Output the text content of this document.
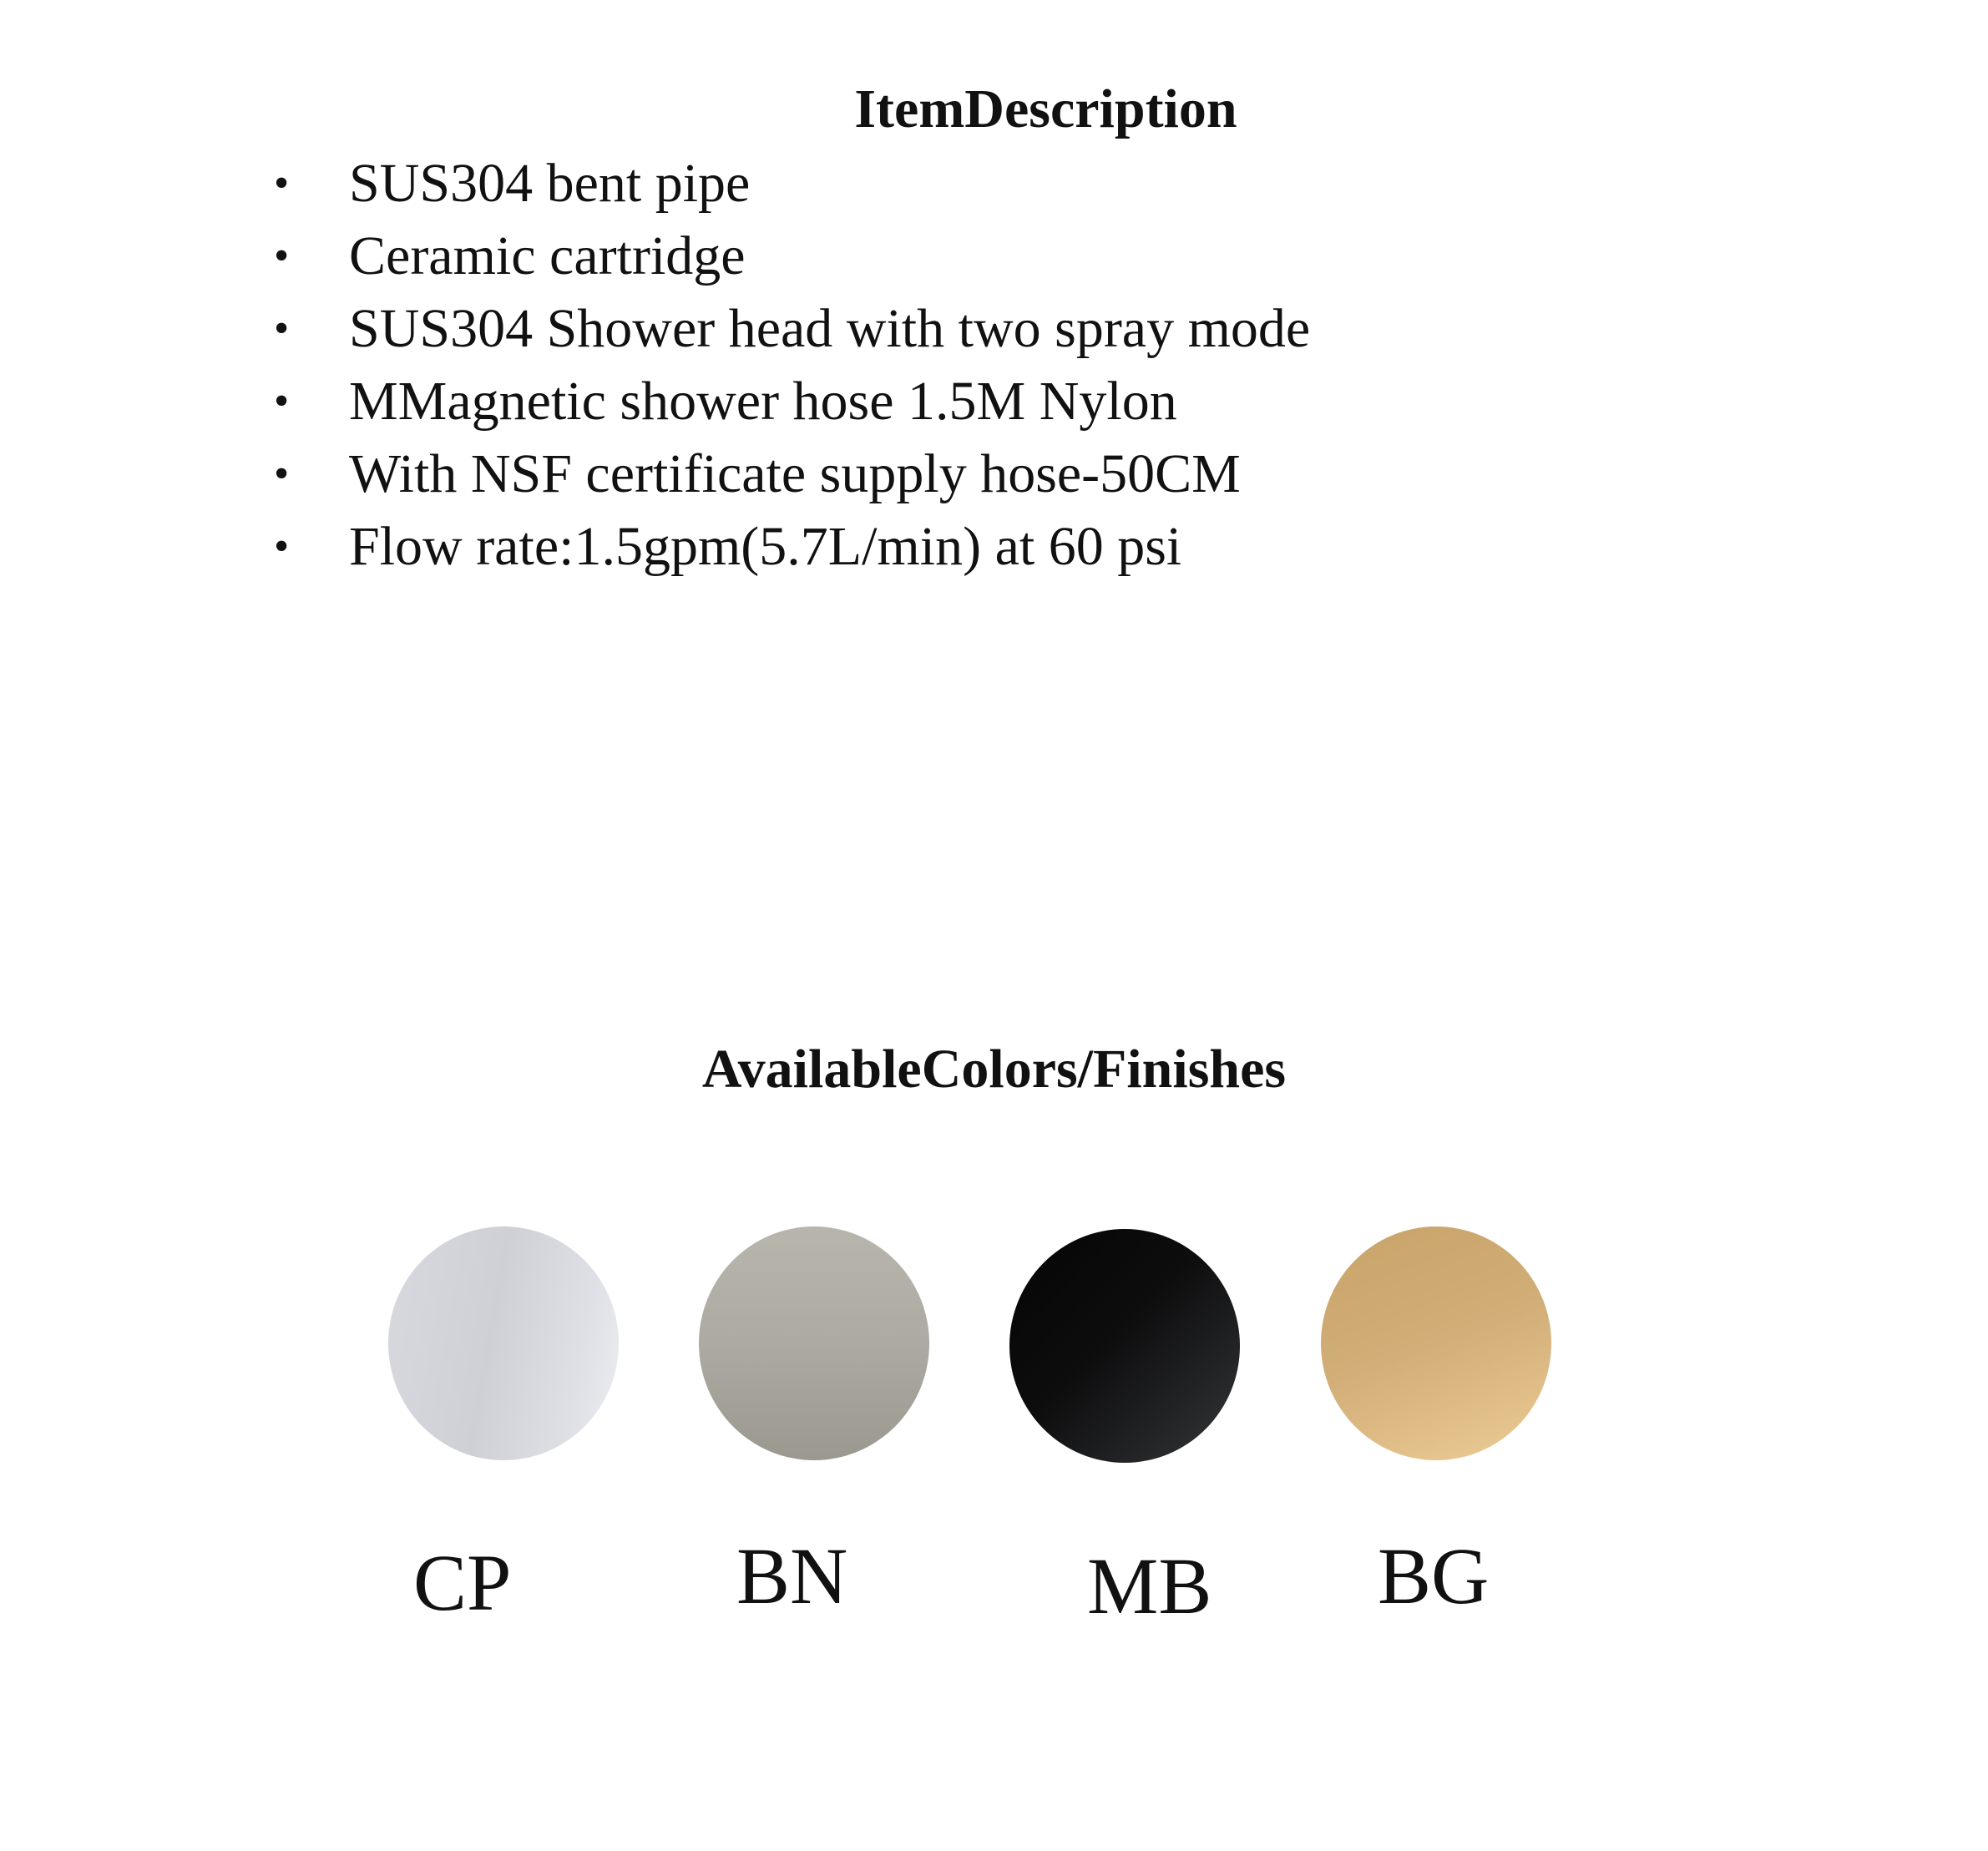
ItemDescription
• SUS304 bent pipe
• Ceramic cartridge
• SUS304 Shower head with two spray mode
• MMagnetic shower hose 1.5M Nylon
• With NSF certificate supply hose-50CM
• Flow rate:1.5gpm(5.7L/min) at 60 psi
AvailableColors/Finishes
CP	BN	MB BG
